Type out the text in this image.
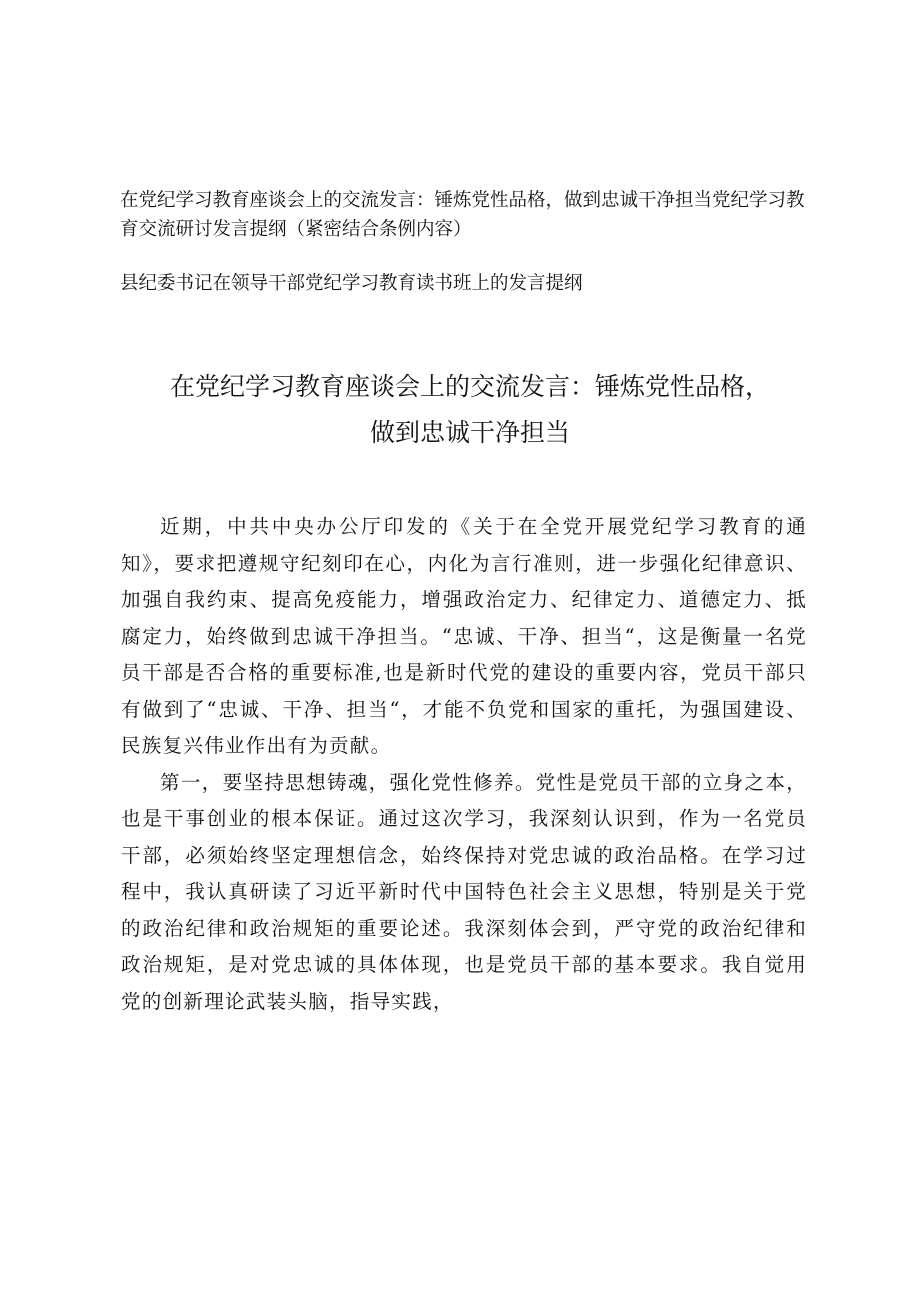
在党纪学习教育座谈会上的交流发言：锤炼党性品格，做到忠诚干净担当党纪学习教育交流研讨发言提纲（紧密结合条例内容）

县纪委书记在领导干部党纪学习教育读书班上的发言提纲

在党纪学习教育座谈会上的交流发言：锤炼党性品格，
做到忠诚干净担当

近期，中共中央办公厅印发的《关于在全党开展党纪学习教育的通知》，要求把遵规守纪刻印在心，内化为言行准则，进一步强化纪律意识、加强自我约束、提高免疫能力，增强政治定力、纪律定力、道德定力、抵腐定力，始终做到忠诚干净担当。“忠诚、干净、担当“，这是衡量一名党员干部是否合格的重要标准,也是新时代党的建设的重要内容，党员干部只有做到了“忠诚、干净、担当“，才能不负党和国家的重托，为强国建设、民族复兴伟业作出有为贡献。

第一，要坚持思想铸魂，强化党性修养。党性是党员干部的立身之本，也是干事创业的根本保证。通过这次学习，我深刻认识到，作为一名党员干部，必须始终坚定理想信念，始终保持对党忠诚的政治品格。在学习过程中，我认真研读了习近平新时代中国特色社会主义思想，特别是关于党的政治纪律和政治规矩的重要论述。我深刻体会到，严守党的政治纪律和政治规矩，是对党忠诚的具体体现，也是党员干部的基本要求。我自觉用党的创新理论武装头脑，指导实践，
